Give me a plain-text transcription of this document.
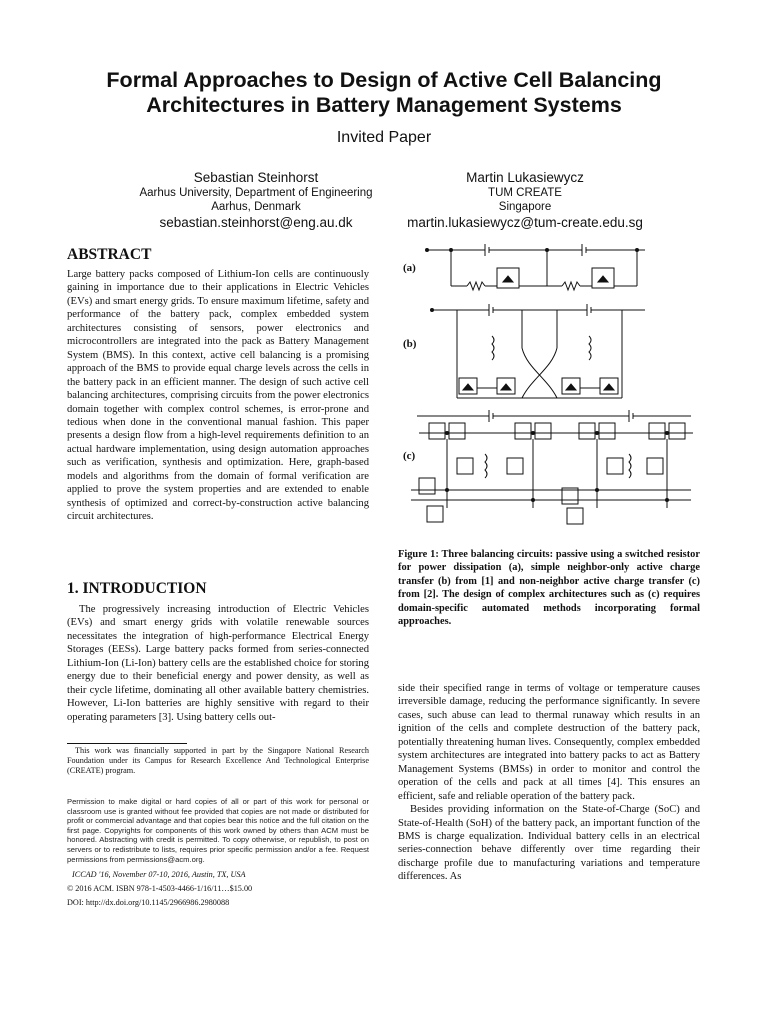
Formal Approaches to Design of Active Cell Balancing
Architectures in Battery Management Systems
Invited Paper
Sebastian Steinhorst
Aarhus University, Department of Engineering
Aarhus, Denmark
sebastian.steinhorst@eng.au.dk
Martin Lukasiewycz
TUM CREATE
Singapore
martin.lukasiewycz@tum-create.edu.sg
ABSTRACT

Large battery packs composed of Lithium-Ion cells are continuously gaining in importance due to their applications in Electric Vehicles (EVs) and smart energy grids. To ensure maximum lifetime, safety and performance of the battery pack, complex embedded system architectures consisting of sensors, power electronics and microcontrollers are integrated into the pack as Battery Management System (BMS). In this context, active cell balancing is a promising approach of the BMS to provide equal charge levels across the cells in the battery pack in an efficient manner. The design of such active cell balancing architectures, comprising circuits from the power electronics domain together with complex control schemes, is error-prone and tedious when done in the conventional manual fashion. This paper presents a design flow from a high-level requirements definition to an actual hardware implementation, using design automation approaches such as verification, synthesis and optimization. Here, graph-based models and algorithms from the domain of formal verification are applied to prove the system properties and are extended to enable synthesis of optimized and correct-by-construction active balancing circuit architectures.

1. INTRODUCTION

The progressively increasing introduction of Electric Vehicles (EVs) and smart energy grids with volatile renewable sources necessitates the integration of high-performance Electrical Energy Storages (EESs). Large battery packs formed from series-connected Lithium-Ion (Li-Ion) battery cells are the established choice for storing energy due to their beneficial energy and power density, as well as their cycle lifetime, dominating all other available battery chemistries. However, Li-Ion batteries are highly sensitive with regard to their operating parameters [3]. Using battery cells out-

This work was financially supported in part by the Singapore National Research Foundation under its Campus for Research Excellence And Technological Enterprise (CREATE) program.
Permission to make digital or hard copies of all or part of this work for personal or classroom use is granted without fee provided that copies are not made or distributed for profit or commercial advantage and that copies bear this notice and the full citation on the first page. Copyrights for components of this work owned by others than ACM must be honored. Abstracting with credit is permitted. To copy otherwise, or republish, to post on servers or to redistribute to lists, requires prior specific permission and/or a fee. Request permissions from permissions@acm.org.
ICCAD '16, November 07-10, 2016, Austin, TX, USA
© 2016 ACM. ISBN 978-1-4503-4466-1/16/11…$15.00
DOI: http://dx.doi.org/10.1145/2966986.2980088
(a)
(b)
(c)
Figure 1: Three balancing circuits: passive using a switched resistor for power dissipation (a), simple neighbor-only active charge transfer (b) from [1] and non-neighbor active charge transfer (c) from [2]. The design of complex architectures such as (c) requires domain-specific automated methods incorporating formal approaches.

side their specified range in terms of voltage or temperature causes irreversible damage, reducing the performance significantly. In severe cases, such abuse can lead to thermal runaway which results in an ignition of the cells and complete destruction of the battery pack, potentially threatening human lives. Consequently, complex embedded system architectures are integrated into battery packs to act as Battery Management Systems (BMSs) in order to monitor and control the operation of the cells and pack at all times [4]. This ensures an efficient, safe and reliable operation of the battery pack.

Besides providing information on the State-of-Charge (SoC) and State-of-Health (SoH) of the battery pack, an important function of the BMS is charge equalization. Individual battery cells in an electrical series-connection behave differently over time regarding their discharge profile due to manufacturing variations and temperature differences. As
